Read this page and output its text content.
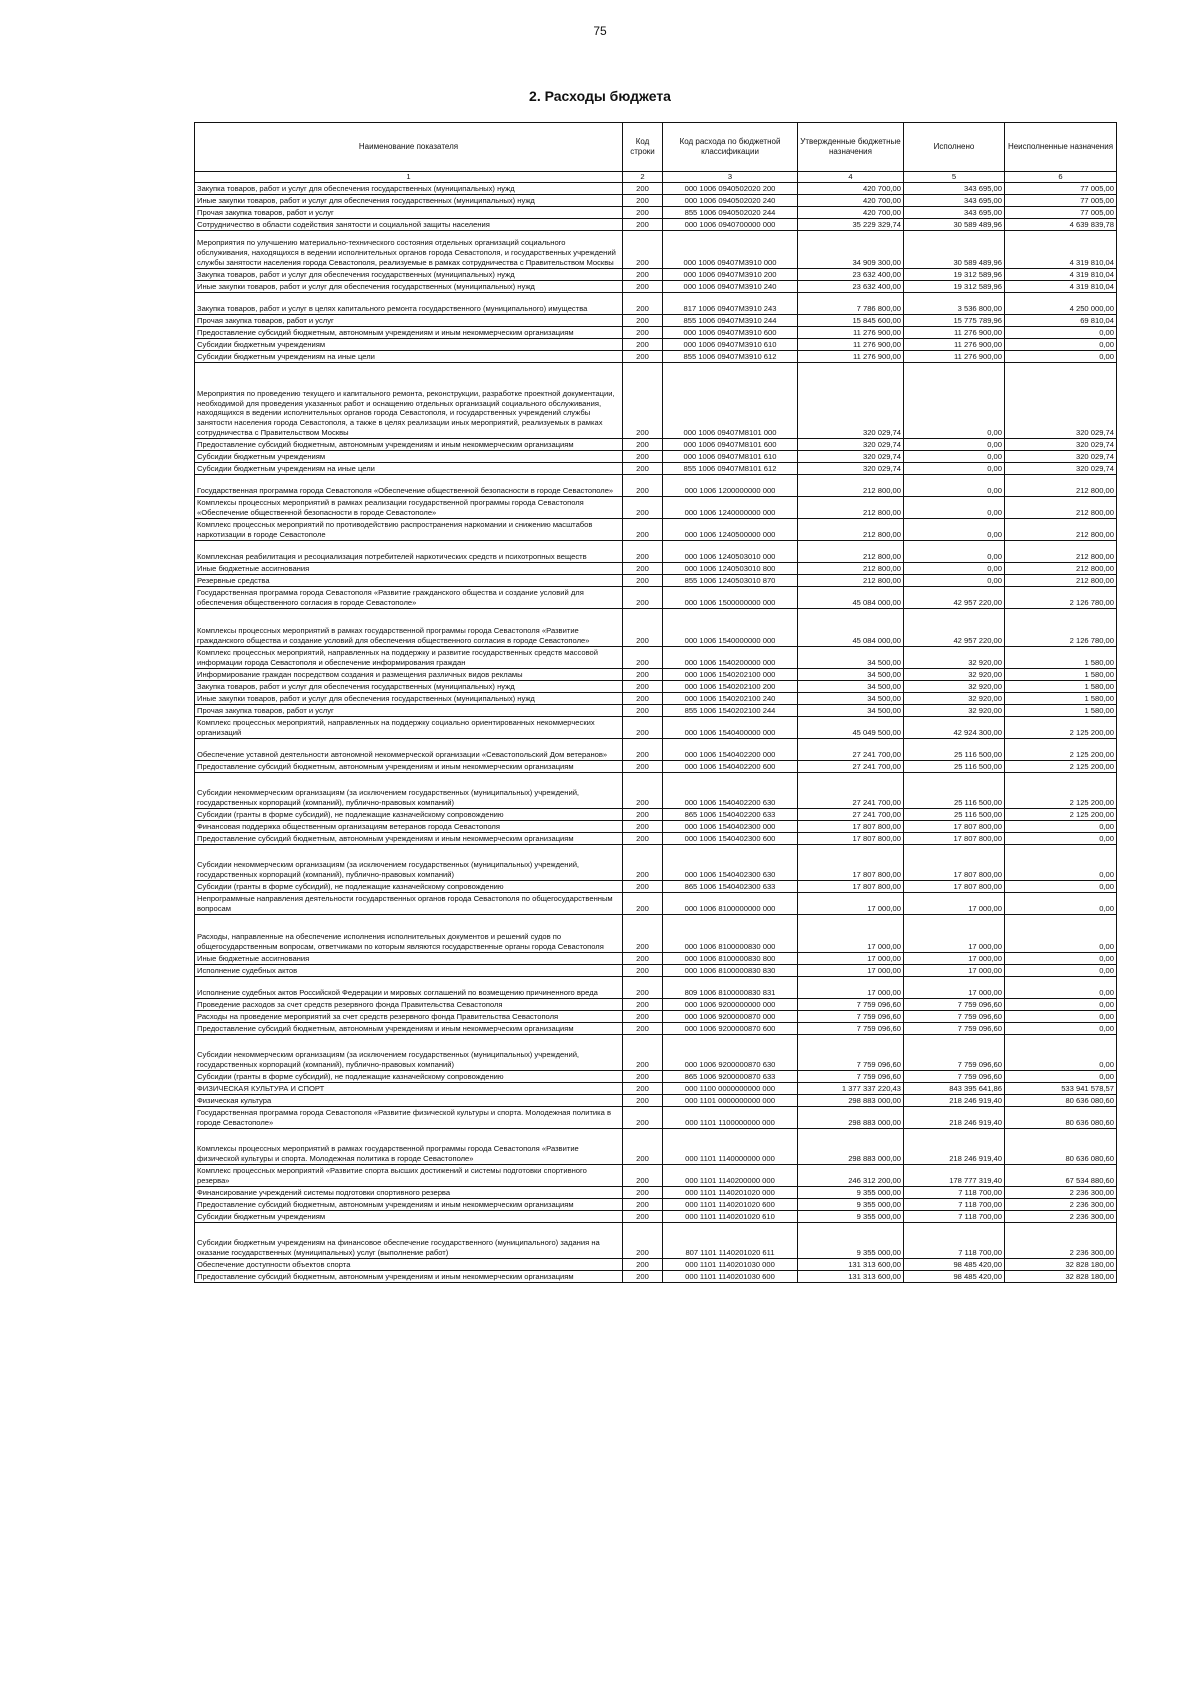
75
2. Расходы бюджета
Наименование показателя	Код строки	Код расхода по бюджетной классификации	Утвержденные бюджетные назначения	Исполнено	Неисполненные назначения
1	2	3	4	5	6
Закупка товаров, работ и услуг для обеспечения государственных (муниципальных) нужд	200	000 1006 0940502020 200	420 700,00	343 695,00	77 005,00
Иные закупки товаров, работ и услуг для обеспечения государственных (муниципальных) нужд	200	000 1006 0940502020 240	420 700,00	343 695,00	77 005,00
Прочая закупка товаров, работ и услуг	200	855 1006 0940502020 244	420 700,00	343 695,00	77 005,00
Сотрудничество в области содействия занятости и социальной защиты населения	200	000 1006 0940700000 000	35 229 329,74	30 589 489,96	4 639 839,78
Мероприятия по улучшению материально-технического состояния отдельных организаций социального обслуживания, находящихся в ведении исполнительных органов города Севастополя, и государственных учреждений службы занятости населения города Севастополя, реализуемые в рамках сотрудничества с Правительством Москвы	200	000 1006 09407М3910 000	34 909 300,00	30 589 489,96	4 319 810,04
Закупка товаров, работ и услуг для обеспечения государственных (муниципальных) нужд	200	000 1006 09407М3910 200	23 632 400,00	19 312 589,96	4 319 810,04
Иные закупки товаров, работ и услуг для обеспечения государственных (муниципальных) нужд	200	000 1006 09407М3910 240	23 632 400,00	19 312 589,96	4 319 810,04
Закупка товаров, работ и услуг в целях капитального ремонта государственного (муниципального) имущества	200	817 1006 09407М3910 243	7 786 800,00	3 536 800,00	4 250 000,00
Прочая закупка товаров, работ и услуг	200	855 1006 09407М3910 244	15 845 600,00	15 775 789,96	69 810,04
Предоставление субсидий бюджетным, автономным учреждениям и иным некоммерческим организациям	200	000 1006 09407М3910 600	11 276 900,00	11 276 900,00	0,00
Субсидии бюджетным учреждениям	200	000 1006 09407М3910 610	11 276 900,00	11 276 900,00	0,00
Субсидии бюджетным учреждениям на иные цели	200	855 1006 09407М3910 612	11 276 900,00	11 276 900,00	0,00
Мероприятия по проведению текущего и капитального ремонта, реконструкции, разработке проектной документации, необходимой для проведения указанных работ и оснащению отдельных организаций социального обслуживания, находящихся в ведении исполнительных органов города Севастополя, и государственных учреждений службы занятости населения города Севастополя, а также в целях реализации иных мероприятий, реализуемых в рамках сотрудничества с Правительством Москвы	200	000 1006 09407М8101 000	320 029,74	0,00	320 029,74
Предоставление субсидий бюджетным, автономным учреждениям и иным некоммерческим организациям	200	000 1006 09407М8101 600	320 029,74	0,00	320 029,74
Субсидии бюджетным учреждениям	200	000 1006 09407М8101 610	320 029,74	0,00	320 029,74
Субсидии бюджетным учреждениям на иные цели	200	855 1006 09407М8101 612	320 029,74	0,00	320 029,74
Государственная программа города Севастополя «Обеспечение общественной безопасности в городе Севастополе»	200	000 1006 1200000000 000	212 800,00	0,00	212 800,00
Комплексы процессных мероприятий в рамках реализации государственной программы города Севастополя «Обеспечение общественной безопасности в городе Севастополе»	200	000 1006 1240000000 000	212 800,00	0,00	212 800,00
Комплекс процессных мероприятий по противодействию распространения наркомании и снижению масштабов наркотизации в городе Севастополе	200	000 1006 1240500000 000	212 800,00	0,00	212 800,00
Комплексная реабилитация и ресоциализация потребителей наркотических средств и психотропных веществ	200	000 1006 1240503010 000	212 800,00	0,00	212 800,00
Иные бюджетные ассигнования	200	000 1006 1240503010 800	212 800,00	0,00	212 800,00
Резервные средства	200	855 1006 1240503010 870	212 800,00	0,00	212 800,00
Государственная программа города Севастополя «Развитие гражданского общества и создание условий для обеспечения общественного согласия в городе Севастополе»	200	000 1006 1500000000 000	45 084 000,00	42 957 220,00	2 126 780,00
Комплексы процессных мероприятий в рамках государственной программы города Севастополя «Развитие гражданского общества и создание условий для обеспечения общественного согласия в городе Севастополе»	200	000 1006 1540000000 000	45 084 000,00	42 957 220,00	2 126 780,00
Комплекс процессных мероприятий, направленных на поддержку и развитие государственных средств массовой информации города Севастополя и обеспечение информирования граждан	200	000 1006 1540200000 000	34 500,00	32 920,00	1 580,00
Информирование граждан посредством создания и размещения различных видов рекламы	200	000 1006 1540202100 000	34 500,00	32 920,00	1 580,00
Закупка товаров, работ и услуг для обеспечения государственных (муниципальных) нужд	200	000 1006 1540202100 200	34 500,00	32 920,00	1 580,00
Иные закупки товаров, работ и услуг для обеспечения государственных (муниципальных) нужд	200	000 1006 1540202100 240	34 500,00	32 920,00	1 580,00
Прочая закупка товаров, работ и услуг	200	855 1006 1540202100 244	34 500,00	32 920,00	1 580,00
Комплекс процессных мероприятий, направленных на поддержку социально ориентированных некоммерческих организаций	200	000 1006 1540400000 000	45 049 500,00	42 924 300,00	2 125 200,00
Обеспечение уставной деятельности автономной некоммерческой организации «Севастопольский Дом ветеранов»	200	000 1006 1540402200 000	27 241 700,00	25 116 500,00	2 125 200,00
Предоставление субсидий бюджетным, автономным учреждениям и иным некоммерческим организациям	200	000 1006 1540402200 600	27 241 700,00	25 116 500,00	2 125 200,00
Субсидии некоммерческим организациям (за исключением государственных (муниципальных) учреждений, государственных корпораций (компаний), публично-правовых компаний)	200	000 1006 1540402200 630	27 241 700,00	25 116 500,00	2 125 200,00
Субсидии (гранты в форме субсидий), не подлежащие казначейскому сопровождению	200	865 1006 1540402200 633	27 241 700,00	25 116 500,00	2 125 200,00
Финансовая поддержка общественным организациям ветеранов города Севастополя	200	000 1006 1540402300 000	17 807 800,00	17 807 800,00	0,00
Предоставление субсидий бюджетным, автономным учреждениям и иным некоммерческим организациям	200	000 1006 1540402300 600	17 807 800,00	17 807 800,00	0,00
Субсидии некоммерческим организациям (за исключением государственных (муниципальных) учреждений, государственных корпораций (компаний), публично-правовых компаний)	200	000 1006 1540402300 630	17 807 800,00	17 807 800,00	0,00
Субсидии (гранты в форме субсидий), не подлежащие казначейскому сопровождению	200	865 1006 1540402300 633	17 807 800,00	17 807 800,00	0,00
Непрограммные направления деятельности государственных органов города Севастополя по общегосударственным вопросам	200	000 1006 8100000000 000	17 000,00	17 000,00	0,00
Расходы, направленные на обеспечение исполнения исполнительных документов и решений судов по общегосударственным вопросам, ответчиками по которым являются государственные органы города Севастополя	200	000 1006 8100000830 000	17 000,00	17 000,00	0,00
Иные бюджетные ассигнования	200	000 1006 8100000830 800	17 000,00	17 000,00	0,00
Исполнение судебных актов	200	000 1006 8100000830 830	17 000,00	17 000,00	0,00
Исполнение судебных актов Российской Федерации и мировых соглашений по возмещению причиненного вреда	200	809 1006 8100000830 831	17 000,00	17 000,00	0,00
Проведение расходов за счет средств резервного фонда Правительства Севастополя	200	000 1006 9200000000 000	7 759 096,60	7 759 096,60	0,00
Расходы на проведение мероприятий за счет средств резервного фонда Правительства Севастополя	200	000 1006 9200000870 000	7 759 096,60	7 759 096,60	0,00
Предоставление субсидий бюджетным, автономным учреждениям и иным некоммерческим организациям	200	000 1006 9200000870 600	7 759 096,60	7 759 096,60	0,00
Субсидии некоммерческим организациям (за исключением государственных (муниципальных) учреждений, государственных корпораций (компаний), публично-правовых компаний)	200	000 1006 9200000870 630	7 759 096,60	7 759 096,60	0,00
Субсидии (гранты в форме субсидий), не подлежащие казначейскому сопровождению	200	865 1006 9200000870 633	7 759 096,60	7 759 096,60	0,00
ФИЗИЧЕСКАЯ КУЛЬТУРА И СПОРТ	200	000 1100 0000000000 000	1 377 337 220,43	843 395 641,86	533 941 578,57
Физическая культура	200	000 1101 0000000000 000	298 883 000,00	218 246 919,40	80 636 080,60
Государственная программа города Севастополя «Развитие физической культуры и спорта. Молодежная политика в городе Севастополе»	200	000 1101 1100000000 000	298 883 000,00	218 246 919,40	80 636 080,60
Комплексы процессных мероприятий в рамках государственной программы города Севастополя «Развитие физической культуры и спорта. Молодежная политика в городе Севастополе»	200	000 1101 1140000000 000	298 883 000,00	218 246 919,40	80 636 080,60
Комплекс процессных мероприятий «Развитие спорта высших достижений и системы подготовки спортивного резерва»	200	000 1101 1140200000 000	246 312 200,00	178 777 319,40	67 534 880,60
Финансирование учреждений системы подготовки спортивного резерва	200	000 1101 1140201020 000	9 355 000,00	7 118 700,00	2 236 300,00
Предоставление субсидий бюджетным, автономным учреждениям и иным некоммерческим организациям	200	000 1101 1140201020 600	9 355 000,00	7 118 700,00	2 236 300,00
Субсидии бюджетным учреждениям	200	000 1101 1140201020 610	9 355 000,00	7 118 700,00	2 236 300,00
Субсидии бюджетным учреждениям на финансовое обеспечение государственного (муниципального) задания на оказание государственных (муниципальных) услуг (выполнение работ)	200	807 1101 1140201020 611	9 355 000,00	7 118 700,00	2 236 300,00
Обеспечение доступности объектов спорта	200	000 1101 1140201030 000	131 313 600,00	98 485 420,00	32 828 180,00
Предоставление субсидий бюджетным, автономным учреждениям и иным некоммерческим организациям	200	000 1101 1140201030 600	131 313 600,00	98 485 420,00	32 828 180,00
